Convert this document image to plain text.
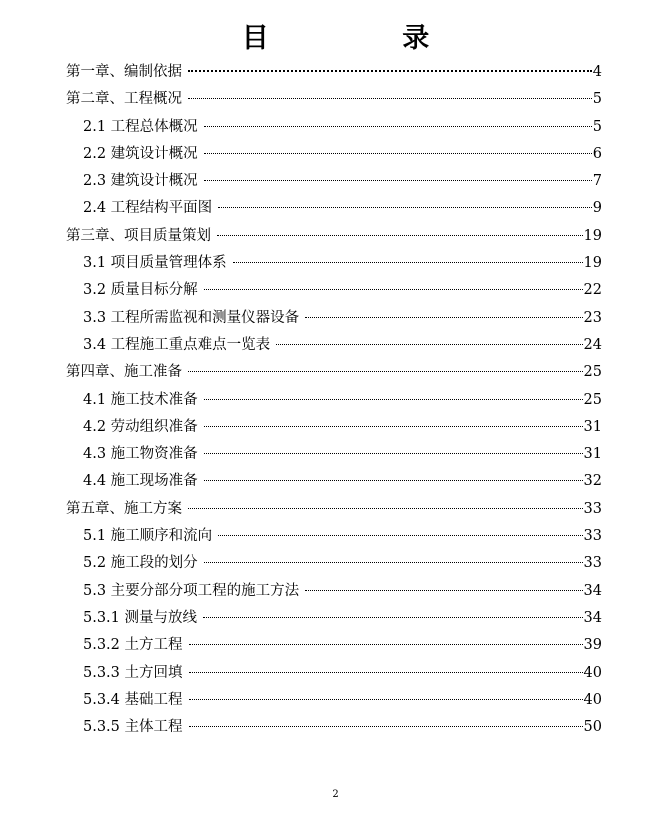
目 录
第一章、编制依据	4
第二章、工程概况	5
2.1 工程总体概况	5
2.2 建筑设计概况	6
2.3 建筑设计概况	7
2.4 工程结构平面图	9
第三章、项目质量策划	19
3.1 项目质量管理体系	19
3.2 质量目标分解	22
3.3 工程所需监视和测量仪器设备	23
3.4 工程施工重点难点一览表	24
第四章、施工准备	25
4.1 施工技术准备	25
4.2 劳动组织准备	31
4.3 施工物资准备	31
4.4 施工现场准备	32
第五章、施工方案	33
5.1 施工顺序和流向	33
5.2 施工段的划分	33
5.3 主要分部分项工程的施工方法	34
5.3.1 测量与放线	34
5.3.2 土方工程	39
5.3.3 土方回填	40
5.3.4 基础工程	40
5.3.5 主体工程	50
2
